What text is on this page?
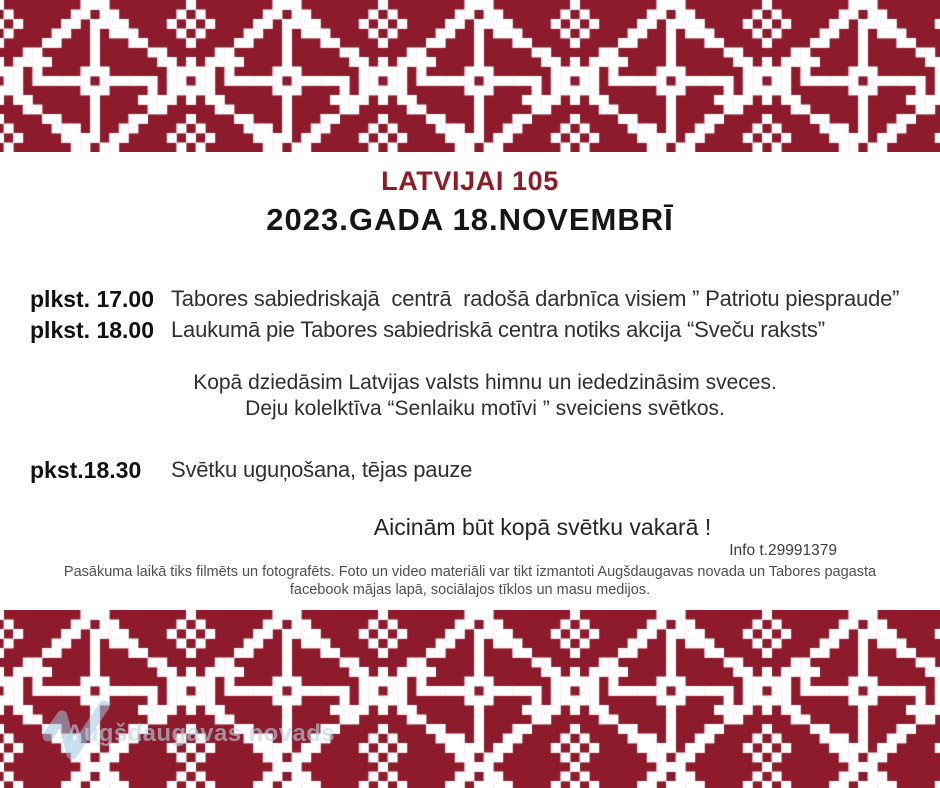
LATVIJAI 105
2023.GADA 18.NOVEMBRĪ
plkst. 17.00 Tabores sabiedriskajā  centrā  radošā darbnīca visiem ” Patriotu piespraude”
plkst. 18.00 Laukumā pie Tabores sabiedriskā centra notiks akcija “Sveču raksts”
Kopā dziedāsim Latvijas valsts himnu un iededzināsim sveces.
Deju kolelktīva “Senlaiku motīvi ” sveiciens svētkos.
pkst.18.30 Svētku uguņošana, tējas pauze
Aicinām būt kopā svētku vakarā !
Info t.29991379
Pasākuma laikā tiks filmēts un fotografēts. Foto un video materiāli var tikt izmantoti Augšdaugavas novada un Tabores pagasta facebook mājas lapā, sociālajos tīklos un masu medijos.
Augšdaugavas novads
